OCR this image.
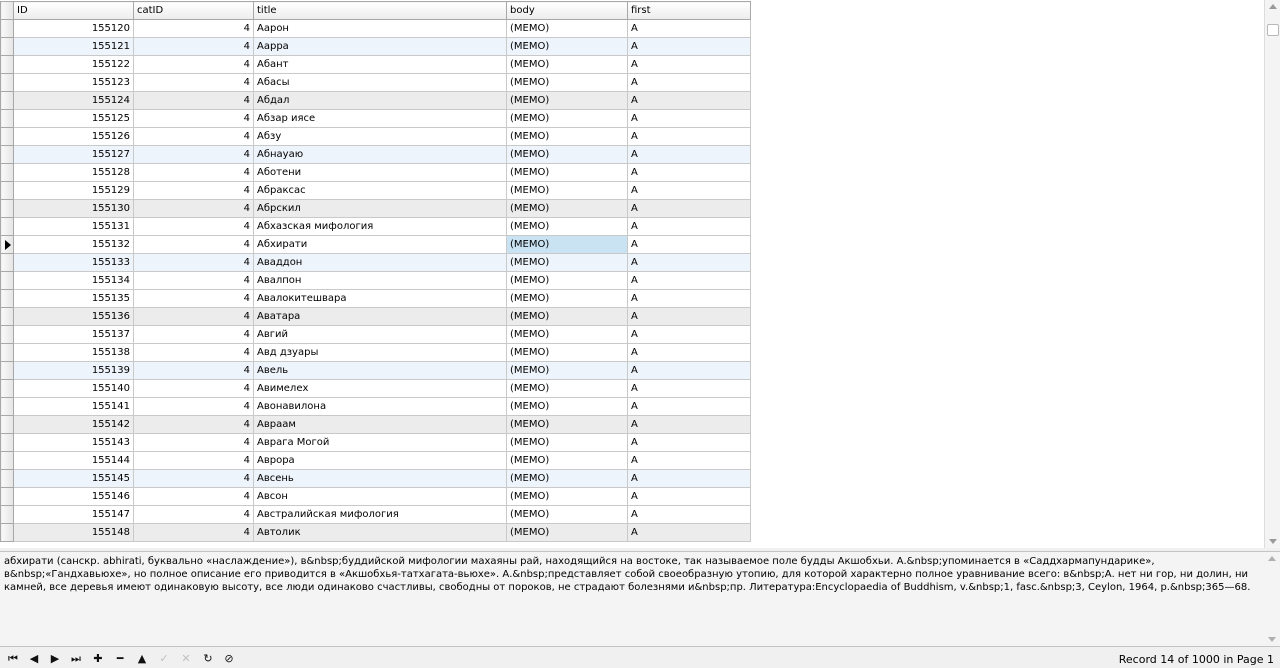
	ID	catID	title	body	first
	155120	4	Аарон	(MEMO)	A
	155121	4	Аарра	(MEMO)	A
	155122	4	Абант	(MEMO)	A
	155123	4	Абасы	(MEMO)	A
	155124	4	Абдал	(MEMO)	A
	155125	4	Абзар иясе	(MEMO)	A
	155126	4	Абзу	(MEMO)	A
	155127	4	Абнауаю	(MEMO)	A
	155128	4	Аботени	(MEMO)	A
	155129	4	Абраксас	(MEMO)	A
	155130	4	Абрскил	(MEMO)	A
	155131	4	Абхазская мифология	(MEMO)	A

	155132	4	Абхирати	(MEMO)	A
	155133	4	Аваддон	(MEMO)	A
	155134	4	Авалпон	(MEMO)	A
	155135	4	Авалокитешвара	(MEMO)	A
	155136	4	Аватара	(MEMO)	A
	155137	4	Авгий	(MEMO)	A
	155138	4	Авд дзуары	(MEMO)	A
	155139	4	Авель	(MEMO)	A
	155140	4	Авимелех	(MEMO)	A
	155141	4	Авонавилона	(MEMO)	A
	155142	4	Авраам	(MEMO)	A
	155143	4	Аврага Могой	(MEMO)	A
	155144	4	Аврора	(MEMO)	A
	155145	4	Авсень	(MEMO)	A
	155146	4	Авсон	(MEMO)	A
	155147	4	Австралийская мифология	(MEMO)	A
	155148	4	Автолик	(MEMO)	A
абхирати (санскр. abhirati, буквально «наслаждение»), в&nbsp;буддийской мифологии махаяны рай, находящийся на востоке, так называемое поле будды Акшобхьи. А.&nbsp;упоминается в «Саддхармапундарике», в&nbsp;«Гандхавьюхе», но полное описание его приводится в «Акшобхья-татхагата-вьюхе». А.&nbsp;представляет собой своеобразную утопию, для которой характерно полное уравнивание всего: в&nbsp;А. нет ни гор, ни долин, ни камней, все деревья имеют одинаковую высоту, все люди одинаково счастливы, свободны от пороков, не страдают болезнями и&nbsp;пр. Литература:Encyclopaedia of Buddhism, v.&nbsp;1, fasc.&nbsp;3, Ceylon, 1964, p.&nbsp;365—68.
⏮	◀	▶	⏭	✚	━	▲	✓	✕	↻	⊘	Record 14 of 1000 in Page 1
